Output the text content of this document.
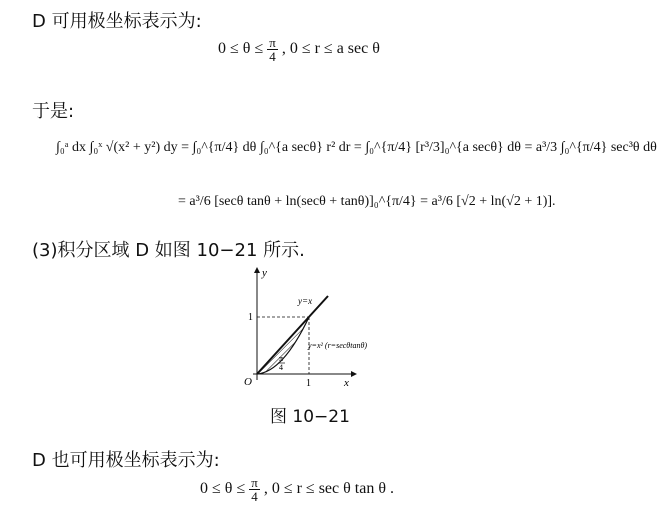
D 可用极坐标表示为:
$0 \le \theta \le \frac{\pi}{4}$ , 0 ≤ r ≤ a sec θ
于是:
∫₀ᵃ dx ∫₀ˣ √(x² + y²) dy = ∫₀^{π/4} dθ ∫₀^{a secθ} r² dr = ∫₀^{π/4} [r³/3]₀^{a secθ} dθ = a³/3 ∫₀^{π/4} sec³θ dθ
= a³/6 [secθ tanθ + ln(secθ + tanθ)]₀^{π/4} = a³/6 [√2 + ln(√2 + 1)].
(3)积分区域 D 如图 10−21 所示.
y
x
O
1
1
y=x
y=x² (r=secθtanθ)
π
4
图 10−21
D 也可用极坐标表示为:
$0 \le \theta \le \frac{\pi}{4}$ , 0 ≤ r ≤ sec θ tan θ .
